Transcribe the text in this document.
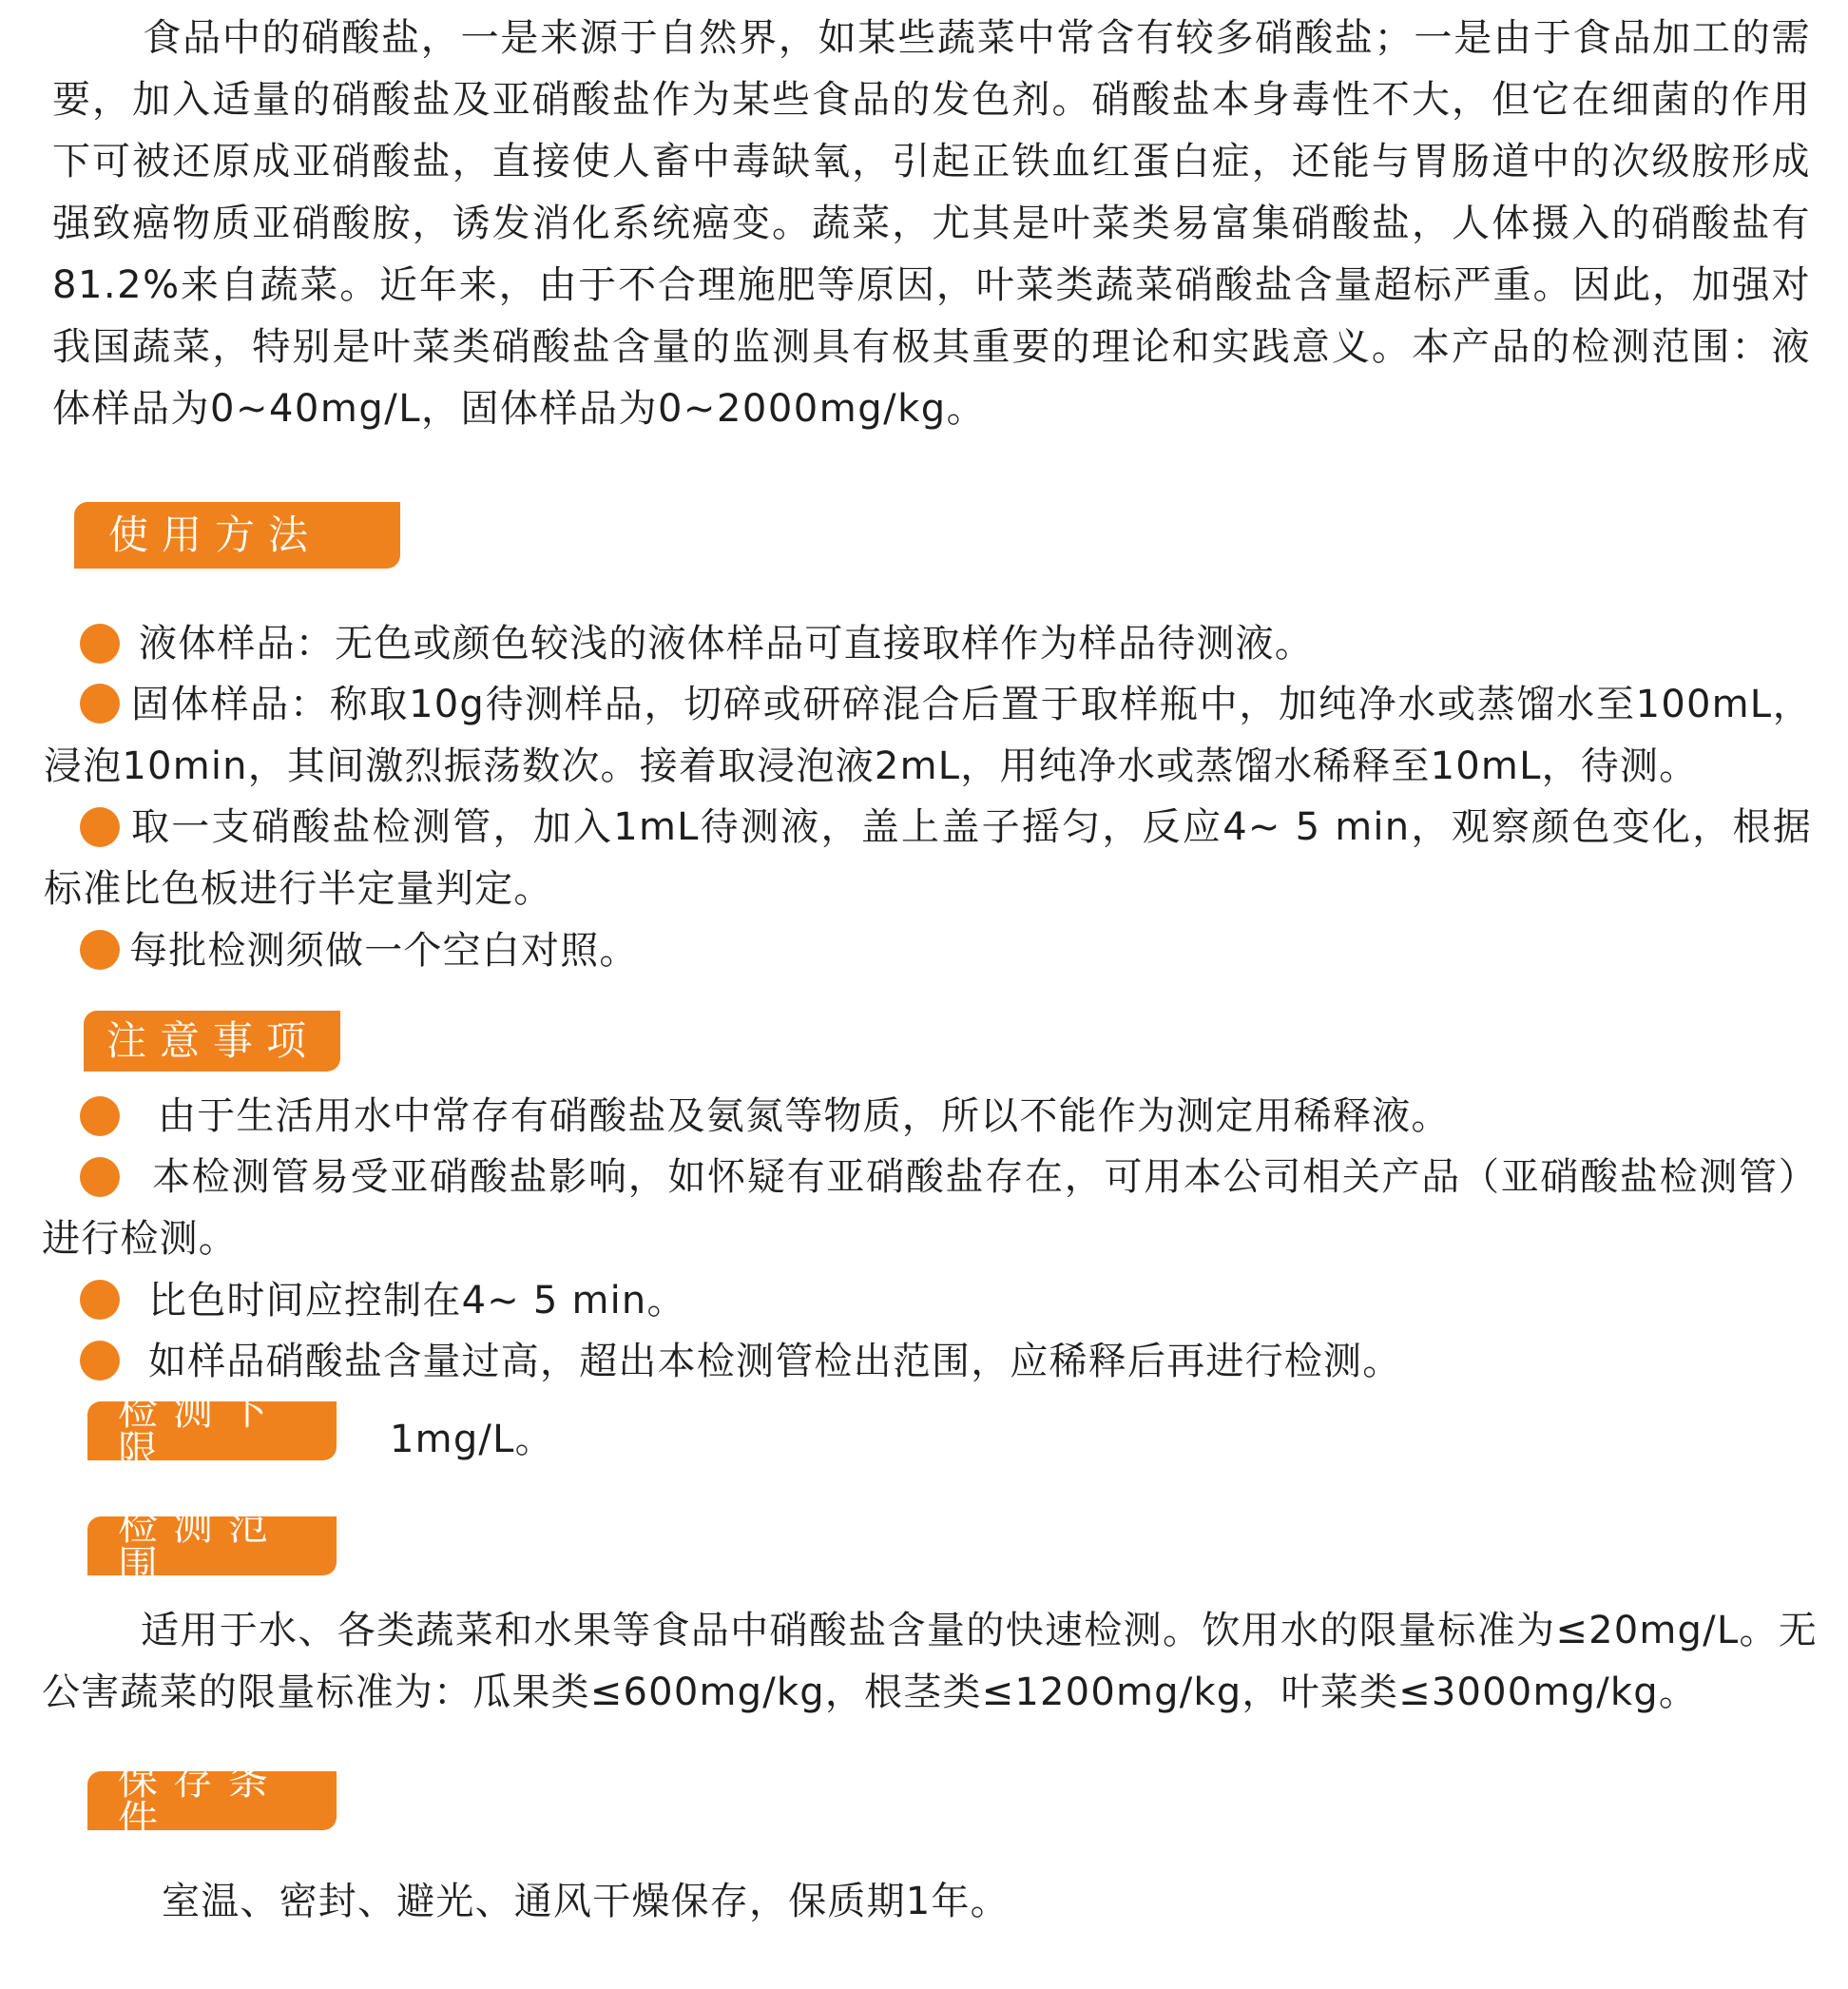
食品中的硝酸盐，一是来源于自然界，如某些蔬菜中常含有较多硝酸盐；一是由于食品加工的需要，加入适量的硝酸盐及亚硝酸盐作为某些食品的发色剂。硝酸盐本身毒性不大，但它在细菌的作用下可被还原成亚硝酸盐，直接使人畜中毒缺氧，引起正铁血红蛋白症，还能与胃肠道中的次级胺形成强致癌物质亚硝酸胺，诱发消化系统癌变。蔬菜，尤其是叶菜类易富集硝酸盐，人体摄入的硝酸盐有81.2%来自蔬菜。近年来，由于不合理施肥等原因，叶菜类蔬菜硝酸盐含量超标严重。因此，加强对我国蔬菜，特别是叶菜类硝酸盐含量的监测具有极其重要的理论和实践意义。本产品的检测范围：液体样品为0~40mg/L，固体样品为0~2000mg/kg。
使用方法
液体样品：无色或颜色较浅的液体样品可直接取样作为样品待测液。
固体样品：称取10g待测样品，切碎或研碎混合后置于取样瓶中，加纯净水或蒸馏水至100mL，浸泡10min，其间激烈振荡数次。接着取浸泡液2mL，用纯净水或蒸馏水稀释至10mL，待测。
取一支硝酸盐检测管，加入1mL待测液，盖上盖子摇匀，反应4~ 5 min，观察颜色变化，根据标准比色板进行半定量判定。
每批检测须做一个空白对照。
注意事项
由于生活用水中常存有硝酸盐及氨氮等物质，所以不能作为测定用稀释液。
本检测管易受亚硝酸盐影响，如怀疑有亚硝酸盐存在，可用本公司相关产品（亚硝酸盐检测管）进行检测。
比色时间应控制在4~ 5 min。
如样品硝酸盐含量过高，超出本检测管检出范围，应稀释后再进行检测。
检测下限	1mg/L。
检测范围
适用于水、各类蔬菜和水果等食品中硝酸盐含量的快速检测。饮用水的限量标准为≤20mg/L。无公害蔬菜的限量标准为：瓜果类≤600mg/kg，根茎类≤1200mg/kg，叶菜类≤3000mg/kg。
保存条件
室温、密封、避光、通风干燥保存，保质期1年。
